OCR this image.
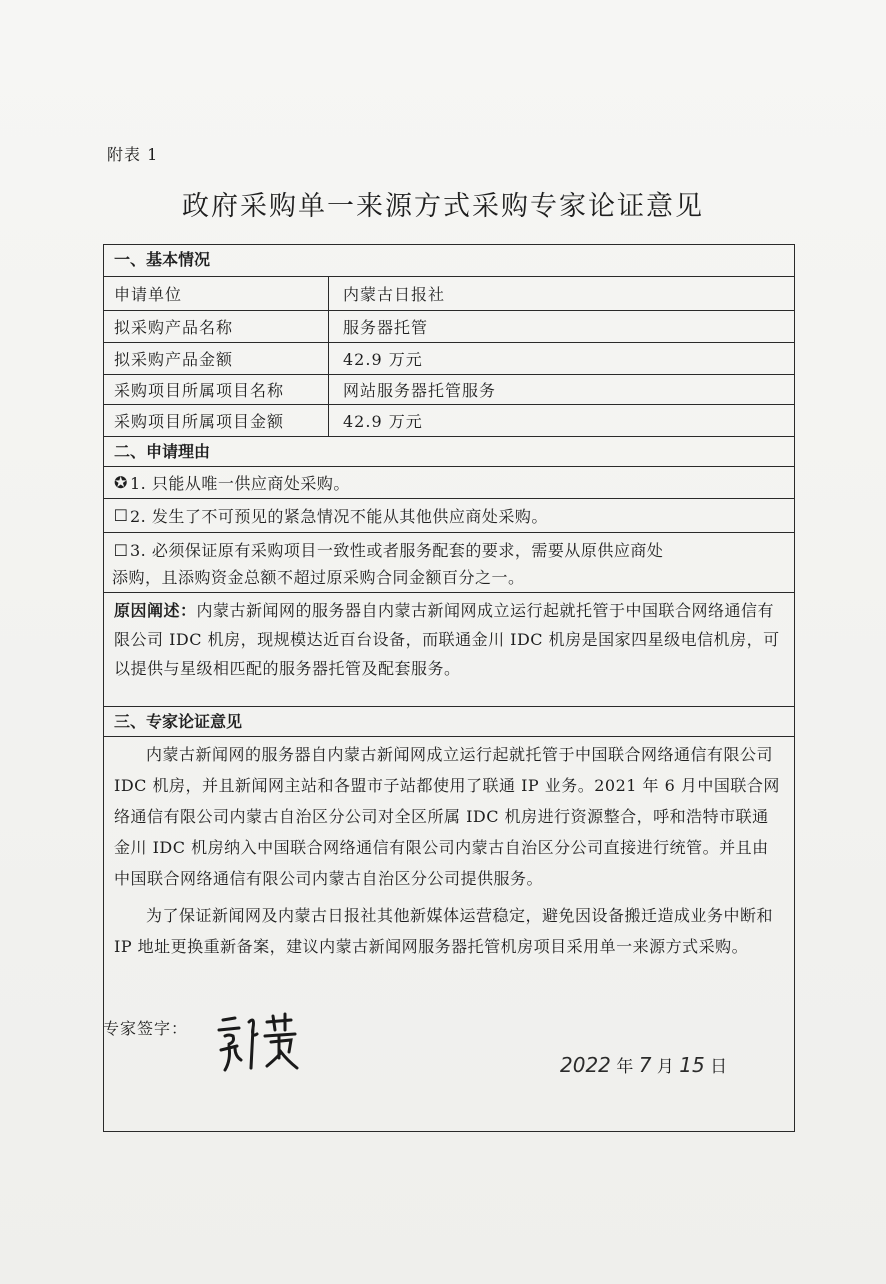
附表 1
政府采购单一来源方式采购专家论证意见
一、基本情况
申请单位	内蒙古日报社
拟采购产品名称	服务器托管
拟采购产品金额	42.9 万元
采购项目所属项目名称	网站服务器托管服务
采购项目所属项目金额	42.9 万元
二、申请理由
✪ 1. 只能从唯一供应商处采购。
☐ 2. 发生了不可预见的紧急情况不能从其他供应商处采购。
☐3. 必须保证原有采购项目一致性或者服务配套的要求，需要从原供应商处
添购，且添购资金总额不超过原采购合同金额百分之一。
原因阐述：内蒙古新闻网的服务器自内蒙古新闻网成立运行起就托管于中国联合网络通信有限公司 IDC 机房，现规模达近百台设备，而联通金川 IDC 机房是国家四星级电信机房，可以提供与星级相匹配的服务器托管及配套服务。
三、专家论证意见

内蒙古新闻网的服务器自内蒙古新闻网成立运行起就托管于中国联合网络通信有限公司 IDC 机房，并且新闻网主站和各盟市子站都使用了联通 IP 业务。2021 年 6 月中国联合网络通信有限公司内蒙古自治区分公司对全区所属 IDC 机房进行资源整合，呼和浩特市联通金川 IDC 机房纳入中国联合网络通信有限公司内蒙古自治区分公司直接进行统管。并且由中国联合网络通信有限公司内蒙古自治区分公司提供服务。

为了保证新闻网及内蒙古日报社其他新媒体运营稳定，避免因设备搬迁造成业务中断和 IP 地址更换重新备案，建议内蒙古新闻网服务器托管机房项目采用单一来源方式采购。

专家签字：
2022 年 7 月 15 日
